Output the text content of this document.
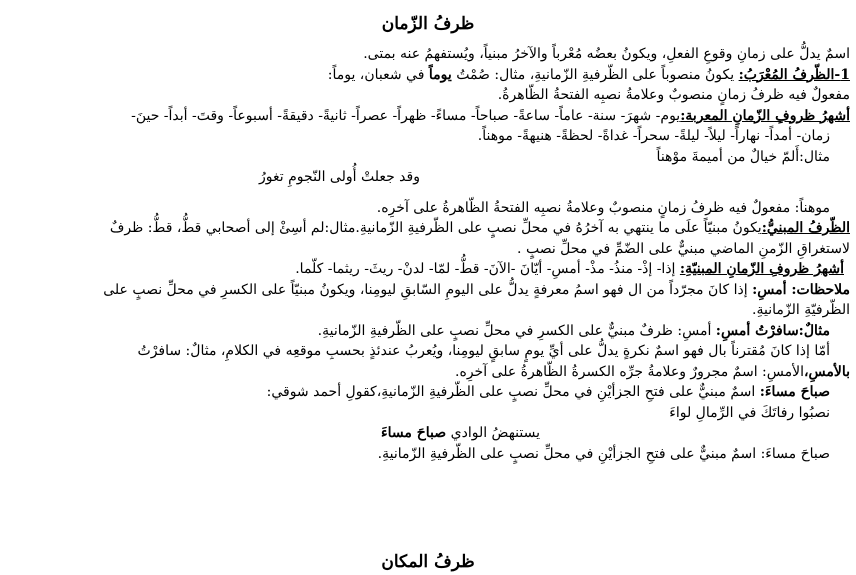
ظرفُ الزّمان

اسمٌ يدلُّ على زمانِ وقوعِ الفعلِ، ويكونُ بعضُه مُعْرباً والآخرُ مبنياً، ويُستفهمُ عنه بمتى.

1-الظّرفُ المُعْرَبُ: يكونُ منصوباً على الظّرفيةِ الزّمانيةِ، مثال: صُمْتُ يوماً في شعبان، يوماً:

مفعولٌ فيه ظرفُ زمانٍ منصوبٌ وعلامةُ نصبِه الفتحةُ الظّاهرةُ.

أشهرُ ظروفِ الزّمانِ المعربة:يوم- شهرَ- سنة- عاماً- ساعةً- صباحاً- مساءً- ظهراً- عصراً- ثانيةً- دقيقةً- أسبوعاً- وقتَ- أبداً- حينَ-

زمان- أمداً- نهاراً- ليلاً- ليلةً- سحراً- غداةً- لحظةً- هنيهةً- موهناً.

مثال:أَلمّ خيالٌ من أميمةَ موْهناً

وقد جعلتْ أُولى النّجومِ تغورُ

موهناً: مفعولٌ فيه ظرفُ زمانٍ منصوبٌ وعلامةُ نصبِه الفتحةُ الظّاهرةُ على آخرِه.

الظّرفُ المبنيُّ:يكونُ مبنيّاً علَى ما ينتهي به آخرُهُ في محلِّ نصبٍ على الظّرفيةِ الزّمانيةِ.مثال:لم أسِئْ إلى أصحابي قطُّ، قطُّ: ظرفٌ

لاستغراقِ الزّمنِ الماضي مبنيٌّ على الضّمِّ في محلِّ نصبٍ .

أشهرُ ظروفِ الزّمانِ المبنيّةِ: إذا- إذْ- منذُ- مذْ- أمسِ- أيّانَ -الآنَ- قطُّ- لمّا- لدنْ- ريثَ- ريثما- كلّما.

ملاحظات: أمسِ: إذا كانَ مجرّداً من ال فهو اسمُ معرفةٍ يدلُّ على اليومِ السّابقِ ليومِنا، ويكونُ مبنيّاً على الكسرِ في محلِّ نصبٍ على

الظّرفيّةِ الزّمانيةِ.

مثالٌ:سافرْتُ أمسِ: أمسِ: ظرفٌ مبنيٌّ على الكسرِ في محلِّ نصبٍ على الظّرفيةِ الزّمانيةِ.

أمّا إذا كانَ مُقترناً بال فهو اسمٌ نكرةٍ يدلُّ على أيِّ يومٍ سابقٍ ليومِنا، ويُعربُ عندئذٍ بحسبِ موقعِه في الكلامِ، مثالٌ: سافرْتُ

بالأمسِ،الأمسِ: اسمٌ مجرورٌ وعلامةُ جرِّه الكسرةُ الظّاهرةُ على آخرِه.

صباحَ مساءَ: اسمٌ مبنيٌّ على فتحِ الجزأيْنِ في محلِّ نصبٍ على الظّرفيةِ الزّمانيةِ،كقولِ أحمد شوقي:

نصبُوا رفاتَكَ في الرِّمالِ لواءَ

يستنهضُ الوادي صباحَ مساءَ

صباحَ مساءَ: اسمٌ مبنيٌّ على فتحِ الجزأيْنِ في محلِّ نصبٍ على الظّرفيةِ الزّمانيةِ.

ظرفُ المكان
